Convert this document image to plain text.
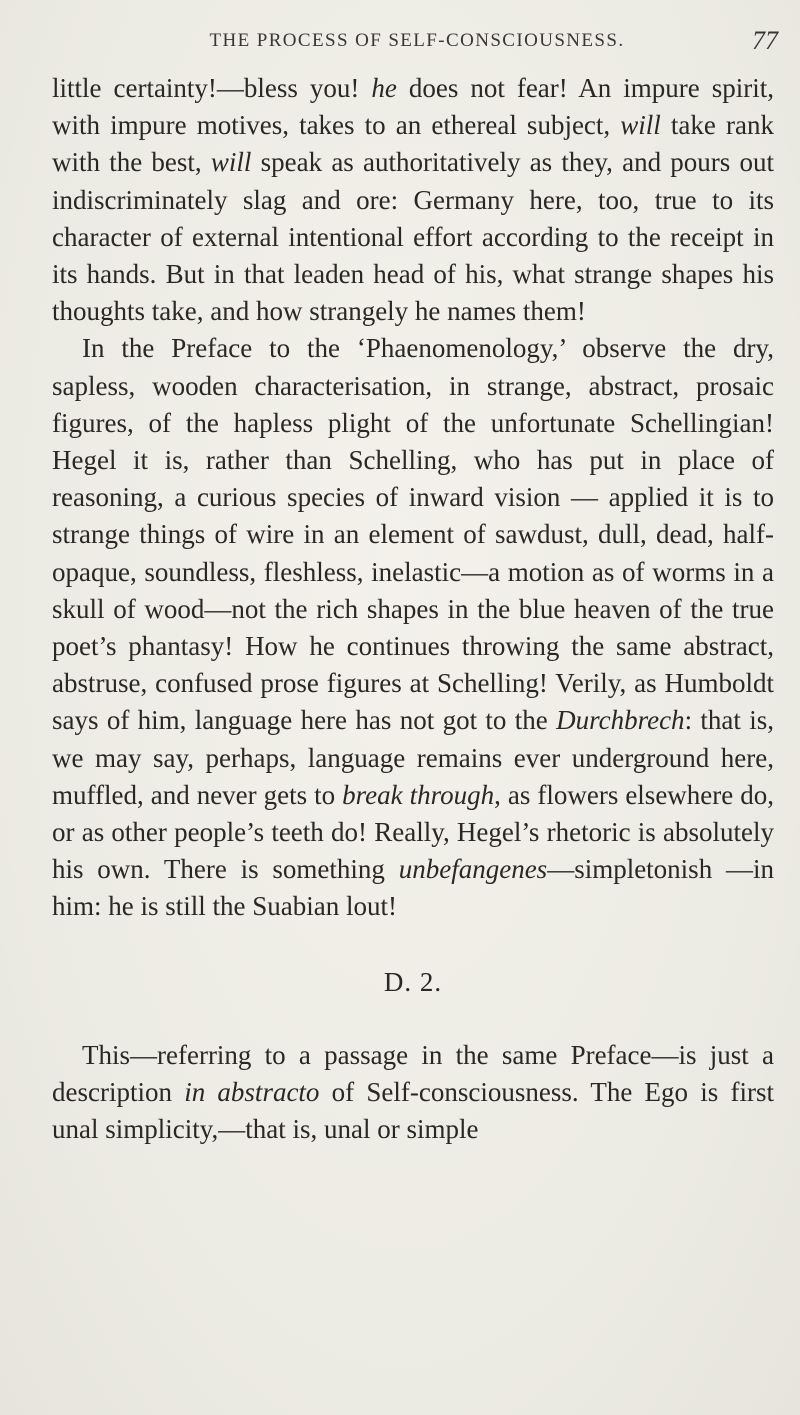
THE PROCESS OF SELF-CONSCIOUSNESS.	77

little certainty!—bless you! he does not fear! An impure spirit, with impure motives, takes to an ethereal subject, will take rank with the best, will speak as authoritatively as they, and pours out indiscriminately slag and ore: Germany here, too, true to its character of external intentional effort according to the receipt in its hands. But in that leaden head of his, what strange shapes his thoughts take, and how strangely he names them!

In the Preface to the ‘Phaenomenology,’ observe the dry, sapless, wooden characterisation, in strange, abstract, prosaic figures, of the hapless plight of the unfortunate Schellingian! Hegel it is, rather than Schelling, who has put in place of reasoning, a curious species of inward vision — applied it is to strange things of wire in an element of sawdust, dull, dead, half-opaque, soundless, fleshless, inelastic—a motion as of worms in a skull of wood—not the rich shapes in the blue heaven of the true poet’s phantasy! How he continues throwing the same abstract, abstruse, confused prose figures at Schelling! Verily, as Humboldt says of him, language here has not got to the Durchbrech: that is, we may say, perhaps, language remains ever underground here, muffled, and never gets to break through, as flowers elsewhere do, or as other people’s teeth do! Really, Hegel’s rhetoric is absolutely his own. There is something unbefangenes—simpletonish —in him: he is still the Suabian lout!

D. 2.

This—referring to a passage in the same Preface—is just a description in abstracto of Self-consciousness. The Ego is first unal simplicity,—that is, unal or simple
